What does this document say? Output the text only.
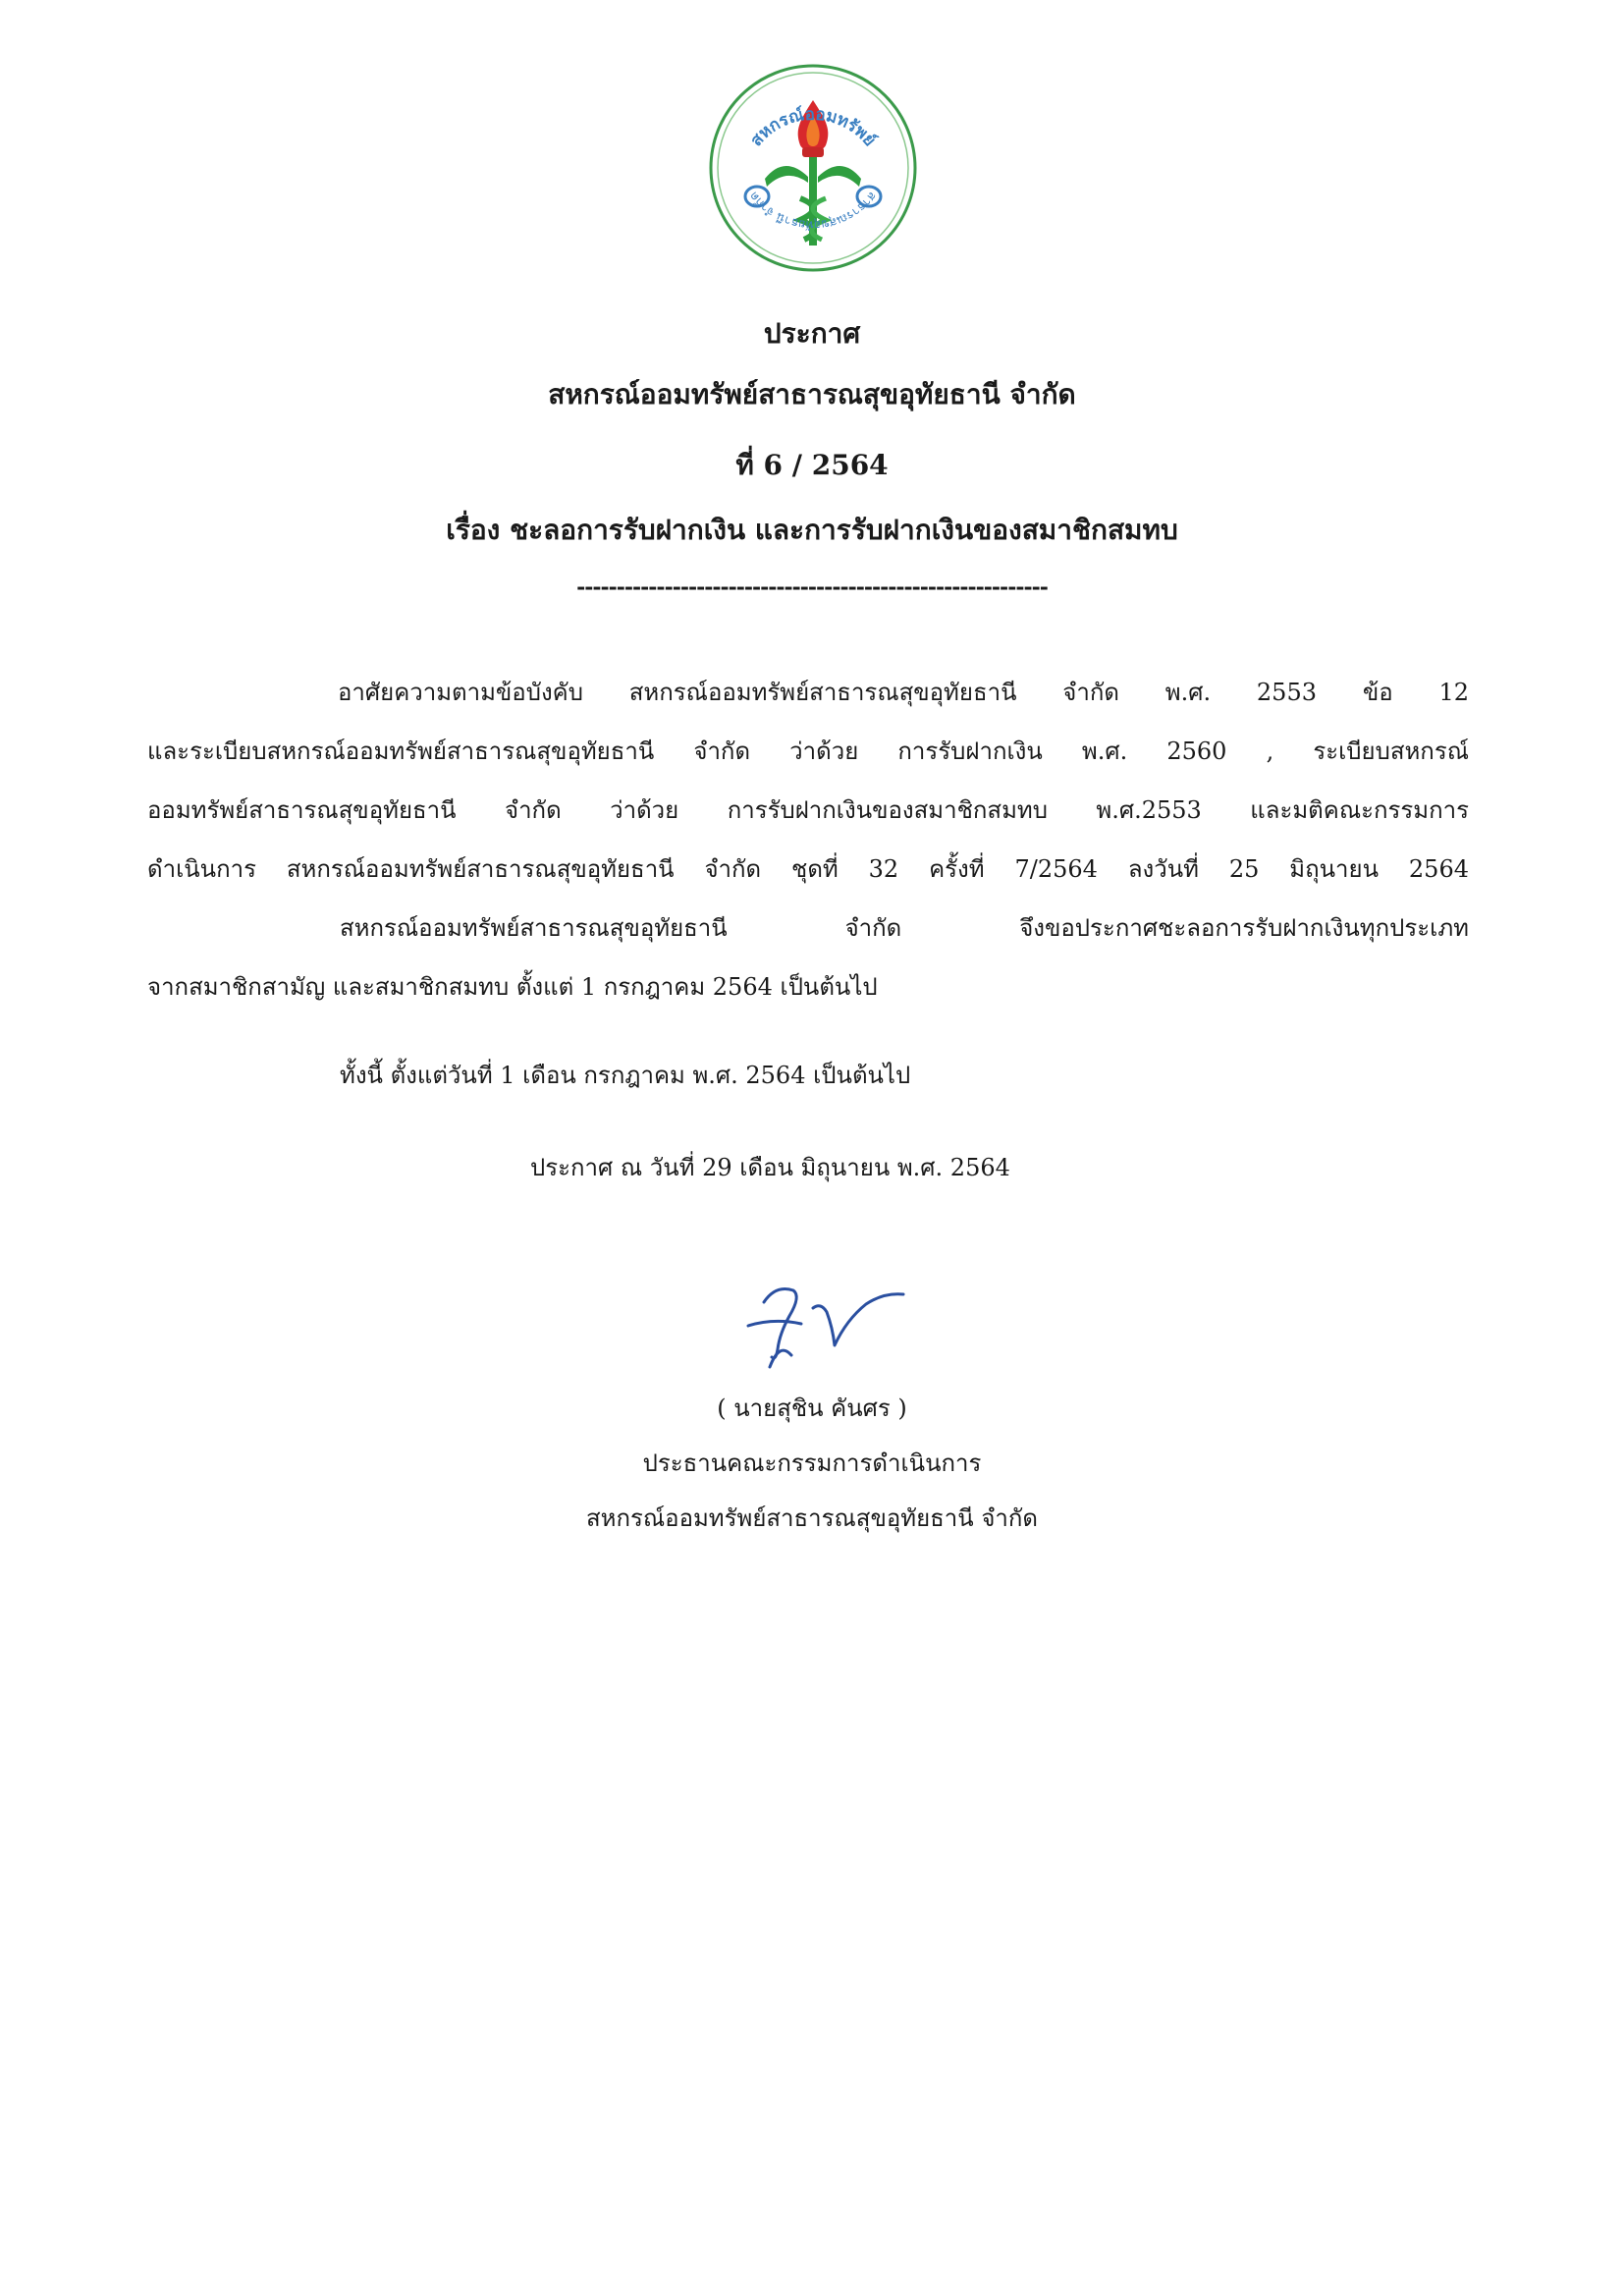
สหกรณ์ออมทรัพย์
สาธารณสุขอุทัยธานี จำกัด
ประกาศ
สหกรณ์ออมทรัพย์สาธารณสุขอุทัยธานี จำกัด
ที่ 6 / 2564
เรื่อง ชะลอการรับฝากเงิน และการรับฝากเงินของสมาชิกสมทบ
-----------------------------------------------------------
อาศัยความตามข้อบังคับ สหกรณ์ออมทรัพย์สาธารณสุขอุทัยธานี จำกัด พ.ศ. 2553 ข้อ 12
และระเบียบสหกรณ์ออมทรัพย์สาธารณสุขอุทัยธานี จำกัด ว่าด้วย การรับฝากเงิน พ.ศ. 2560 , ระเบียบสหกรณ์
ออมทรัพย์สาธารณสุขอุทัยธานี จำกัด ว่าด้วย การรับฝากเงินของสมาชิกสมทบ พ.ศ.2553 และมติคณะกรรมการ
ดำเนินการ สหกรณ์ออมทรัพย์สาธารณสุขอุทัยธานี จำกัด ชุดที่ 32 ครั้งที่ 7/2564 ลงวันที่ 25 มิถุนายน 2564
สหกรณ์ออมทรัพย์สาธารณสุขอุทัยธานี จำกัด จึงขอประกาศชะลอการรับฝากเงินทุกประเภท
จากสมาชิกสามัญ และสมาชิกสมทบ ตั้งแต่ 1 กรกฎาคม 2564 เป็นต้นไป
ทั้งนี้ ตั้งแต่วันที่ 1 เดือน กรกฎาคม พ.ศ. 2564 เป็นต้นไป
ประกาศ ณ วันที่ 29 เดือน มิถุนายน พ.ศ. 2564
( นายสุชิน คันศร )
ประธานคณะกรรมการดำเนินการ
สหกรณ์ออมทรัพย์สาธารณสุขอุทัยธานี จำกัด
